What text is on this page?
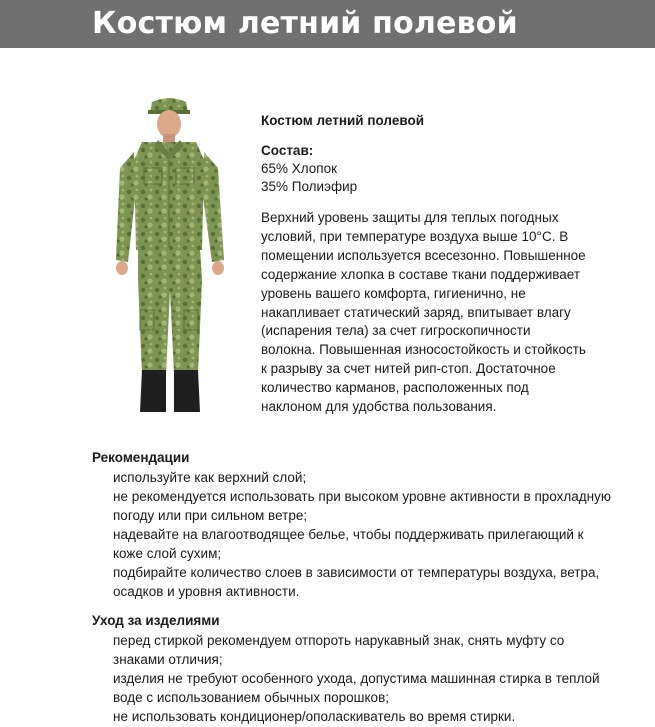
Костюм летний полевой
Костюм летний полевой
Состав:
65% Хлопок
35% Полиэфир
Верхний уровень защиты для теплых погодных
условий, при температуре воздуха выше 10°C. В
помещении используется всесезонно. Повышенное
содержание хлопка в составе ткани поддерживает
уровень вашего комфорта, гигиенично, не
накапливает статический заряд, впитывает влагу
(испарения тела) за счет гигроскопичности
волокна. Повышенная износостойкость и стойкость
к разрыву за счет нитей рип-стоп. Достаточное
количество карманов, расположенных под
наклоном для удобства пользования.
Рекомендации
используйте как верхний слой;
не рекомендуется использовать при высоком уровне активности в прохладную
погоду или при сильном ветре;
надевайте на влагоотводящее белье, чтобы поддерживать прилегающий к
коже слой сухим;
подбирайте количество слоев в зависимости от температуры воздуха, ветра,
осадков и уровня активности.
Уход за изделиями
перед стиркой рекомендуем отпороть нарукавный знак, снять муфту со
знаками отличия;
изделия не требуют особенного ухода, допустима машинная стирка в теплой
воде с использованием обычных порошков;
не использовать кондиционер/ополаскиватель во время стирки.
